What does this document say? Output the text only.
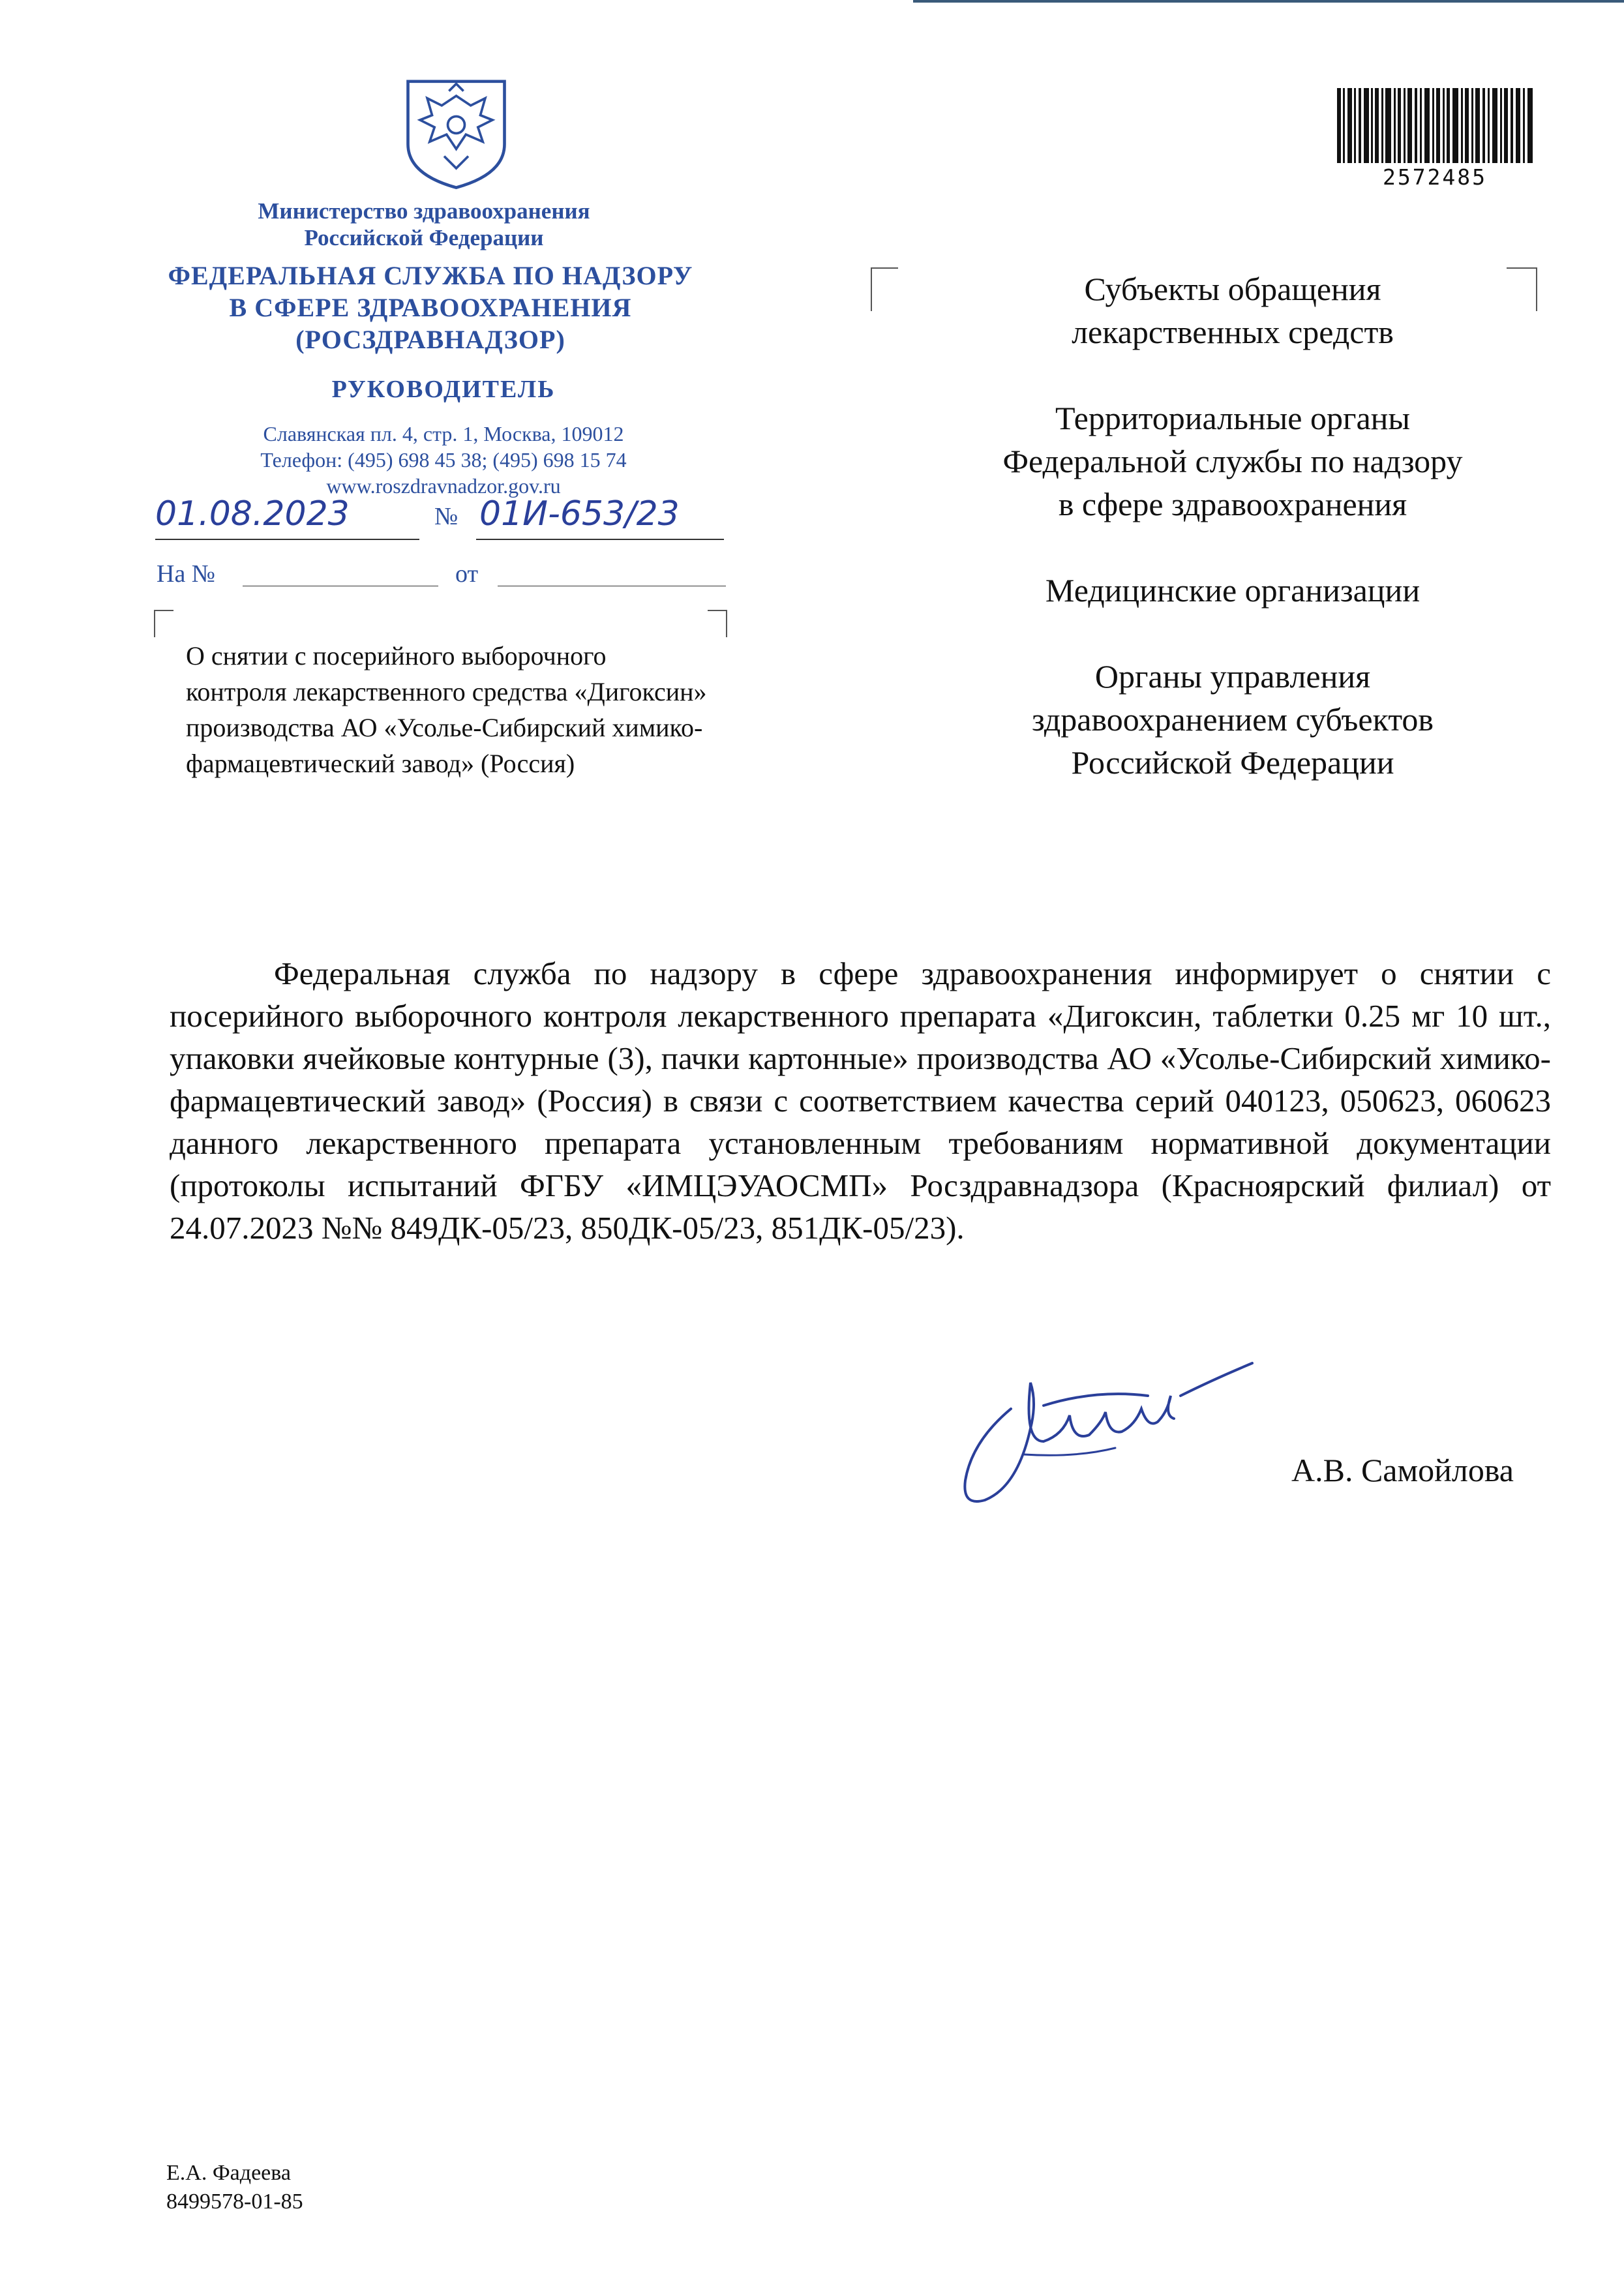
Министерство здравоохранения
Российской Федерации
ФЕДЕРАЛЬНАЯ СЛУЖБА ПО НАДЗОРУ
В СФЕРЕ ЗДРАВООХРАНЕНИЯ
(РОСЗДРАВНАДЗОР)
РУКОВОДИТЕЛЬ
Славянская пл. 4, стр. 1, Москва, 109012
Телефон: (495) 698 45 38; (495) 698 15 74
www.roszdravnadzor.gov.ru
01.08.2023	№ 01И-653/23
На №	от
О снятии с посерийного выборочного
контроля лекарственного средства «Дигоксин»
производства АО «Усолье-Сибирский химико-
фармацевтический завод» (Россия)
2572485

Субъекты обращения
лекарственных средств

Территориальные органы
Федеральной службы по надзору
в сфере здравоохранения

Медицинские организации

Органы управления
здравоохранением субъектов
Российской Федерации

Федеральная служба по надзору в сфере здравоохранения информирует о снятии с посерийного выборочного контроля лекарственного препарата «Дигоксин, таблетки 0.25 мг 10 шт., упаковки ячейковые контурные (3), пачки картонные» производства АО «Усолье-Сибирский химико-фармацевтический завод» (Россия) в связи с соответствием качества серий 040123, 050623, 060623 данного лекарственного препарата установленным требованиям нормативной документации (протоколы испытаний ФГБУ «ИМЦЭУАОСМП» Росздравнадзора (Красноярский филиал) от 24.07.2023 №№ 849ДК-05/23, 850ДК-05/23, 851ДК-05/23).

А.В. Самойлова
Е.А. Фадеева
8499578-01-85
